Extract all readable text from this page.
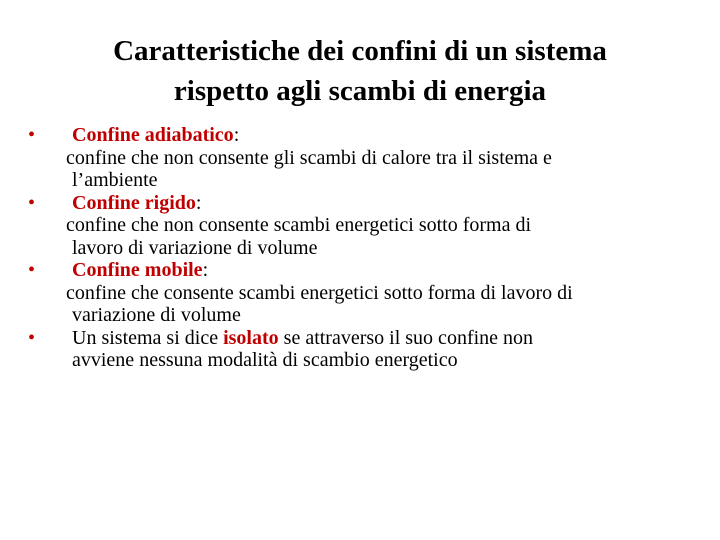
Caratteristiche dei confini di un sistema
rispetto agli scambi di energia
•	Confine adiabatico:
confine che non consente gli scambi di calore tra il sistema e
l’ambiente
•	Confine rigido:
confine che non consente scambi energetici sotto forma di
lavoro di variazione di volume
•	Confine mobile:
confine che consente scambi energetici sotto forma di lavoro di
variazione di volume
•	Un sistema si dice isolato se attraverso il suo confine non
avviene nessuna modalità di scambio energetico
